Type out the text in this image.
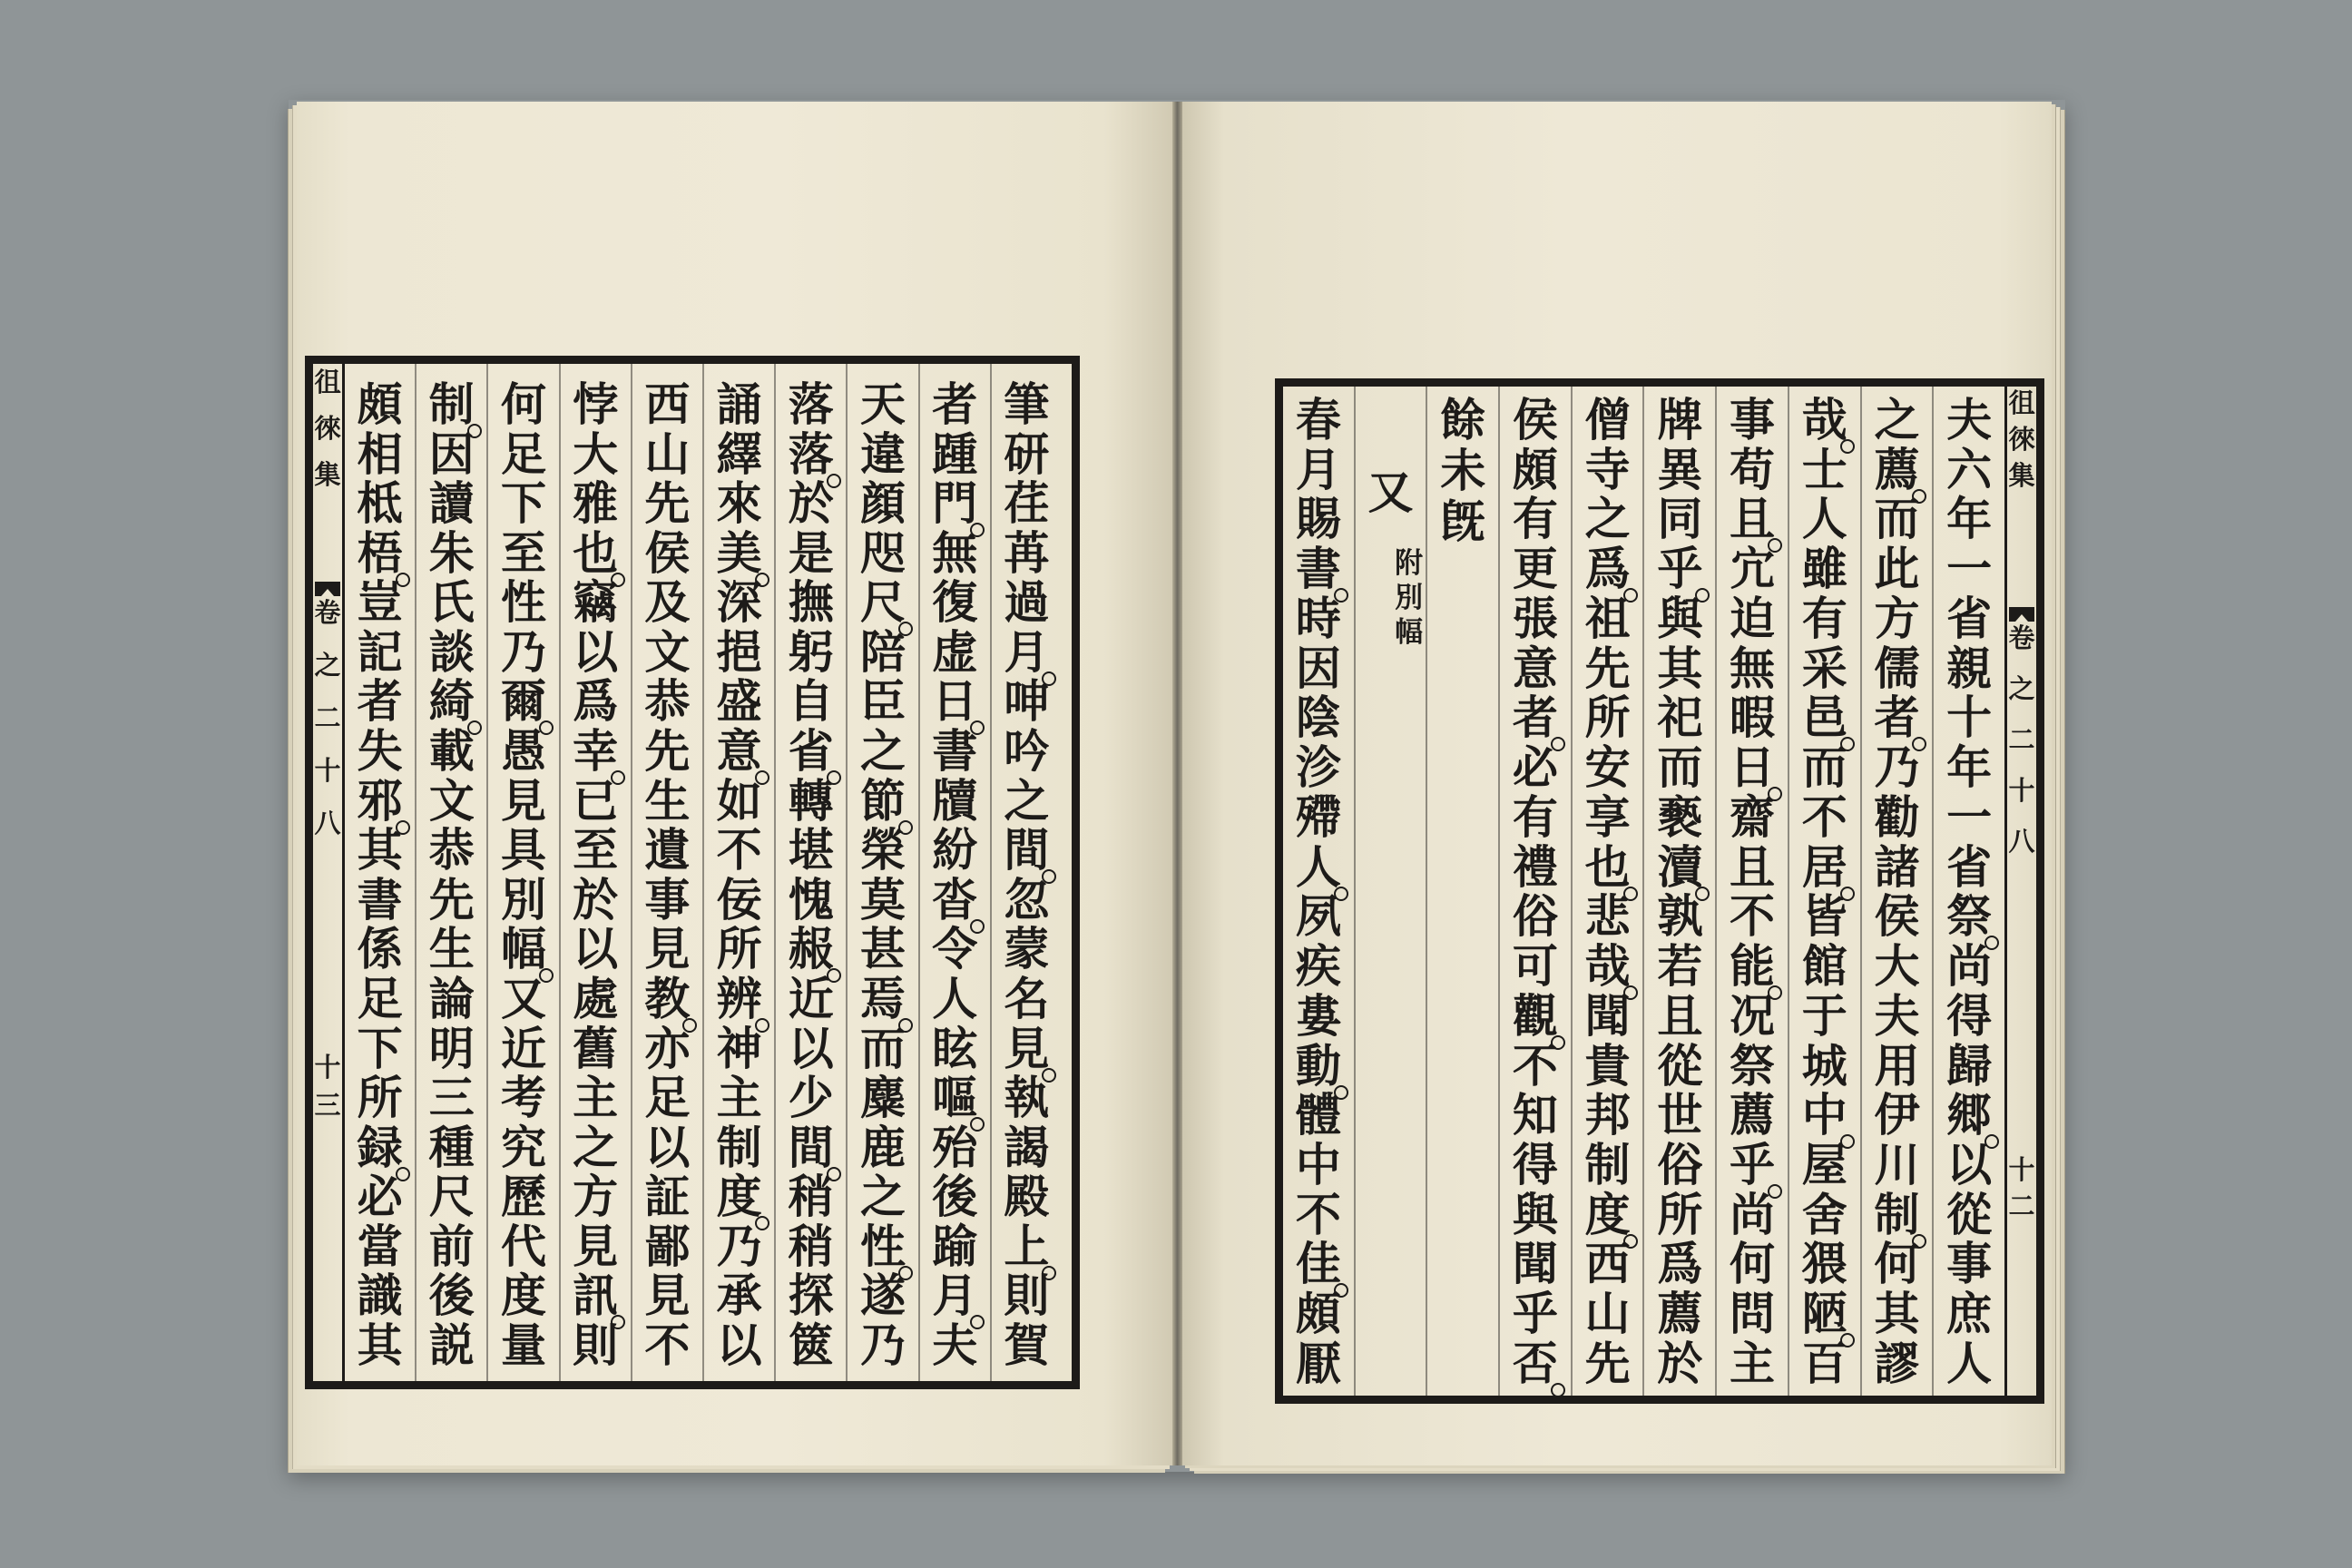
徂
徠
集
卷
之
二
十
八
十
三
筆
研
荏
苒
過
月
呻
吟
之
間
忽
蒙
名
見
執
謁
殿
上
則
賀
者
踵
門
無
復
虚
日
書
牘
紛
沓
令
人
眩
嘔
殆
後
踰
月
夫
天
違
顔
咫
尺
陪
臣
之
節
榮
莫
甚
焉
而
麋
鹿
之
性
遂
乃
落
落
於
是
撫
躬
自
省
轉
堪
愧
赧
近
以
少
間
稍
稍
探
篋
誦
繹
來
美
深
挹
盛
意
如
不
佞
所
辨
神
主
制
度
乃
承
以
西
山
先
侯
及
文
恭
先
生
遺
事
見
教
亦
足
以
証
鄙
見
不
悖
大
雅
也
竊
以
爲
幸
已
至
於
以
處
舊
主
之
方
見
訊
則
何
足
下
至
性
乃
爾
愚
見
具
別
幅
又
近
考
究
歷
代
度
量
制
因
讀
朱
氏
談
綺
載
文
恭
先
生
論
明
三
種
尺
前
後
説
頗
相
柢
梧
豈
記
者
失
邪
其
書
係
足
下
所
録
必
當
識
其
夫
六
年
一
省
親
十
年
一
省
祭
尚
得
歸
郷
以
從
事
庶
人
之
薦
而
此
方
儒
者
乃
勸
諸
侯
大
夫
用
伊
川
制
何
其
謬
哉
士
人
雖
有
采
邑
而
不
居
皆
館
于
城
中
屋
舍
猥
陋
百
事
苟
且
宂
迫
無
暇
日
齋
且
不
能
况
祭
薦
乎
尚
何
問
主
牌
異
同
乎
與
其
祀
而
褻
瀆
孰
若
且
從
世
俗
所
爲
薦
於
僧
寺
之
爲
祖
先
所
安
享
也
悲
哉
聞
貴
邦
制
度
西
山
先
侯
頗
有
更
張
意
者
必
有
禮
俗
可
觀
不
知
得
與
聞
乎
否
餘
未
旣
又
附
別
幅
春
月
賜
書
時
因
陰
沴
殢
人
夙
疾
婁
動
體
中
不
佳
頗
厭
徂
徠
集
卷
之
二
十
八
十
二
